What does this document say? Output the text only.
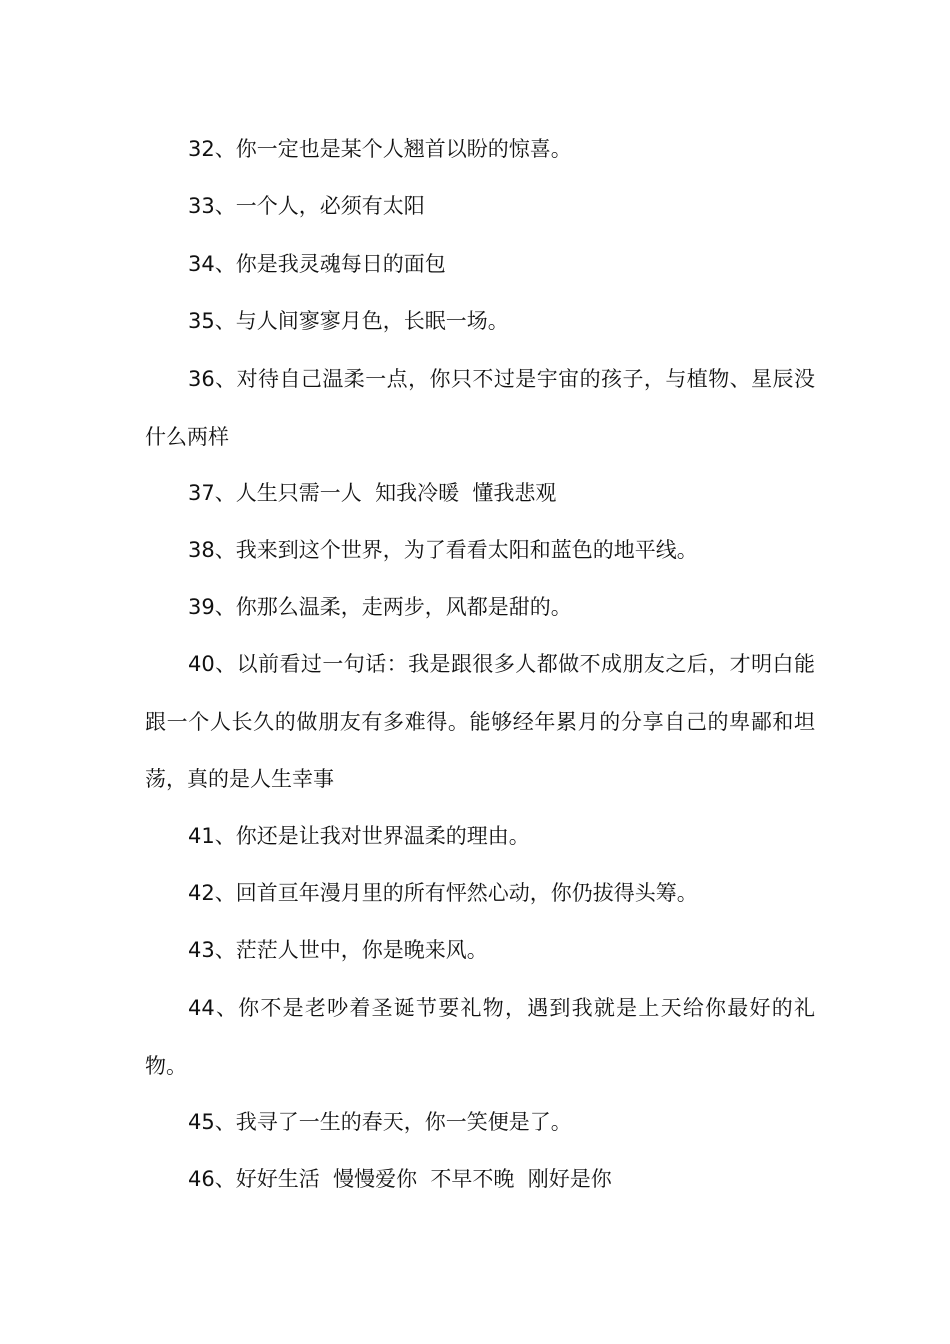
32、你一定也是某个人翘首以盼的惊喜。

33、一个人，必须有太阳

34、你是我灵魂每日的面包

35、与人间寥寥月色，长眠一场。

36、对待自己温柔一点，你只不过是宇宙的孩子，与植物、星辰没什么两样

37、人生只需一人  知我冷暖  懂我悲观

38、我来到这个世界，为了看看太阳和蓝色的地平线。

39、你那么温柔，走两步，风都是甜的。

40、以前看过一句话：我是跟很多人都做不成朋友之后，才明白能跟一个人长久的做朋友有多难得。能够经年累月的分享自己的卑鄙和坦荡，真的是人生幸事

41、你还是让我对世界温柔的理由。

42、回首亘年漫月里的所有怦然心动，你仍拔得头筹。

43、茫茫人世中，你是晚来风。

44、你不是老吵着圣诞节要礼物，遇到我就是上天给你最好的礼物。

45、我寻了一生的春天，你一笑便是了。

46、好好生活  慢慢爱你  不早不晚  刚好是你
